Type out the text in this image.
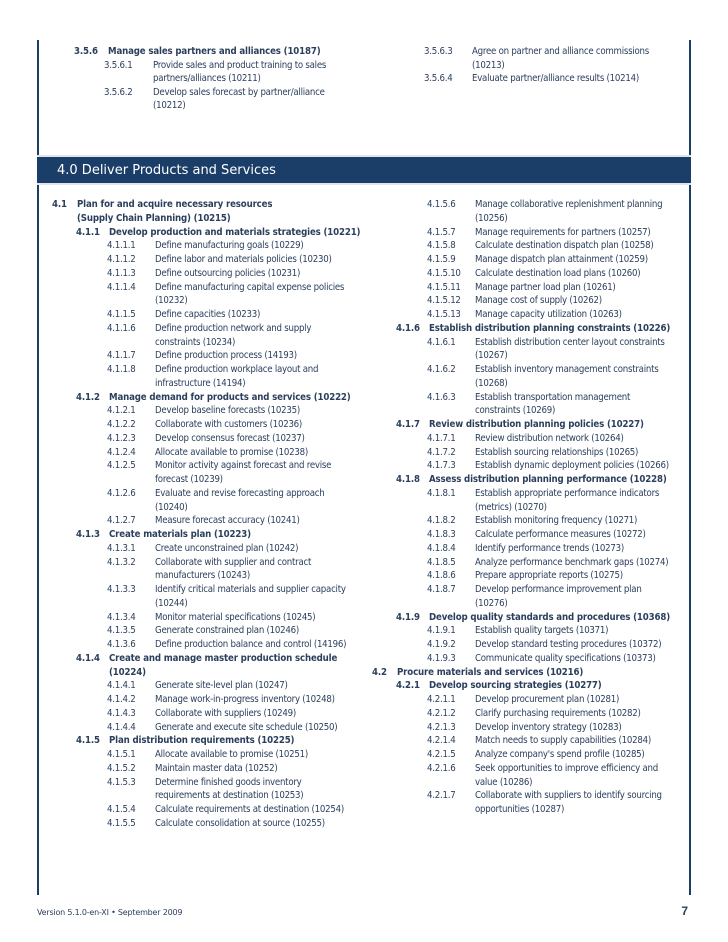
3.5.6 Manage sales partners and alliances (10187)
3.5.6.1 Provide sales and product training to sales
partners/alliances (10211)
3.5.6.2 Develop sales forecast by partner/alliance
(10212)
3.5.6.3 Agree on partner and alliance commissions
(10213)
3.5.6.4 Evaluate partner/alliance results (10214)
4.0 Deliver Products and Services
4.1 Plan for and acquire necessary resources
(Supply Chain Planning) (10215)
4.1.1 Develop production and materials strategies (10221)
4.1.1.1 Define manufacturing goals (10229)
4.1.1.2 Define labor and materials policies (10230)
4.1.1.3 Define outsourcing policies (10231)
4.1.1.4 Define manufacturing capital expense policies
(10232)
4.1.1.5 Define capacities (10233)
4.1.1.6 Define production network and supply
constraints (10234)
4.1.1.7 Define production process (14193)
4.1.1.8 Define production workplace layout and
infrastructure (14194)
4.1.2 Manage demand for products and services (10222)
4.1.2.1 Develop baseline forecasts (10235)
4.1.2.2 Collaborate with customers (10236)
4.1.2.3 Develop consensus forecast (10237)
4.1.2.4 Allocate available to promise (10238)
4.1.2.5 Monitor activity against forecast and revise
forecast (10239)
4.1.2.6 Evaluate and revise forecasting approach
(10240)
4.1.2.7 Measure forecast accuracy (10241)
4.1.3 Create materials plan (10223)
4.1.3.1 Create unconstrained plan (10242)
4.1.3.2 Collaborate with supplier and contract
manufacturers (10243)
4.1.3.3 Identify critical materials and supplier capacity
(10244)
4.1.3.4 Monitor material specifications (10245)
4.1.3.5 Generate constrained plan (10246)
4.1.3.6 Define production balance and control (14196)
4.1.4 Create and manage master production schedule
(10224)
4.1.4.1 Generate site-level plan (10247)
4.1.4.2 Manage work-in-progress inventory (10248)
4.1.4.3 Collaborate with suppliers (10249)
4.1.4.4 Generate and execute site schedule (10250)
4.1.5 Plan distribution requirements (10225)
4.1.5.1 Allocate available to promise (10251)
4.1.5.2 Maintain master data (10252)
4.1.5.3 Determine finished goods inventory
requirements at destination (10253)
4.1.5.4 Calculate requirements at destination (10254)
4.1.5.5 Calculate consolidation at source (10255)
4.1.5.6 Manage collaborative replenishment planning
(10256)
4.1.5.7 Manage requirements for partners (10257)
4.1.5.8 Calculate destination dispatch plan (10258)
4.1.5.9 Manage dispatch plan attainment (10259)
4.1.5.10 Calculate destination load plans (10260)
4.1.5.11 Manage partner load plan (10261)
4.1.5.12 Manage cost of supply (10262)
4.1.5.13 Manage capacity utilization (10263)
4.1.6 Establish distribution planning constraints (10226)
4.1.6.1 Establish distribution center layout constraints
(10267)
4.1.6.2 Establish inventory management constraints
(10268)
4.1.6.3 Establish transportation management
constraints (10269)
4.1.7 Review distribution planning policies (10227)
4.1.7.1 Review distribution network (10264)
4.1.7.2 Establish sourcing relationships (10265)
4.1.7.3 Establish dynamic deployment policies (10266)
4.1.8 Assess distribution planning performance (10228)
4.1.8.1 Establish appropriate performance indicators
(metrics) (10270)
4.1.8.2 Establish monitoring frequency (10271)
4.1.8.3 Calculate performance measures (10272)
4.1.8.4 Identify performance trends (10273)
4.1.8.5 Analyze performance benchmark gaps (10274)
4.1.8.6 Prepare appropriate reports (10275)
4.1.8.7 Develop performance improvement plan
(10276)
4.1.9 Develop quality standards and procedures (10368)
4.1.9.1 Establish quality targets (10371)
4.1.9.2 Develop standard testing procedures (10372)
4.1.9.3 Communicate quality specifications (10373)
4.2 Procure materials and services (10216)
4.2.1 Develop sourcing strategies (10277)
4.2.1.1 Develop procurement plan (10281)
4.2.1.2 Clarify purchasing requirements (10282)
4.2.1.3 Develop inventory strategy (10283)
4.2.1.4 Match needs to supply capabilities (10284)
4.2.1.5 Analyze company's spend profile (10285)
4.2.1.6 Seek opportunities to improve efficiency and
value (10286)
4.2.1.7 Collaborate with suppliers to identify sourcing
opportunities (10287)
Version 5.1.0-en-XI • September 2009	7
